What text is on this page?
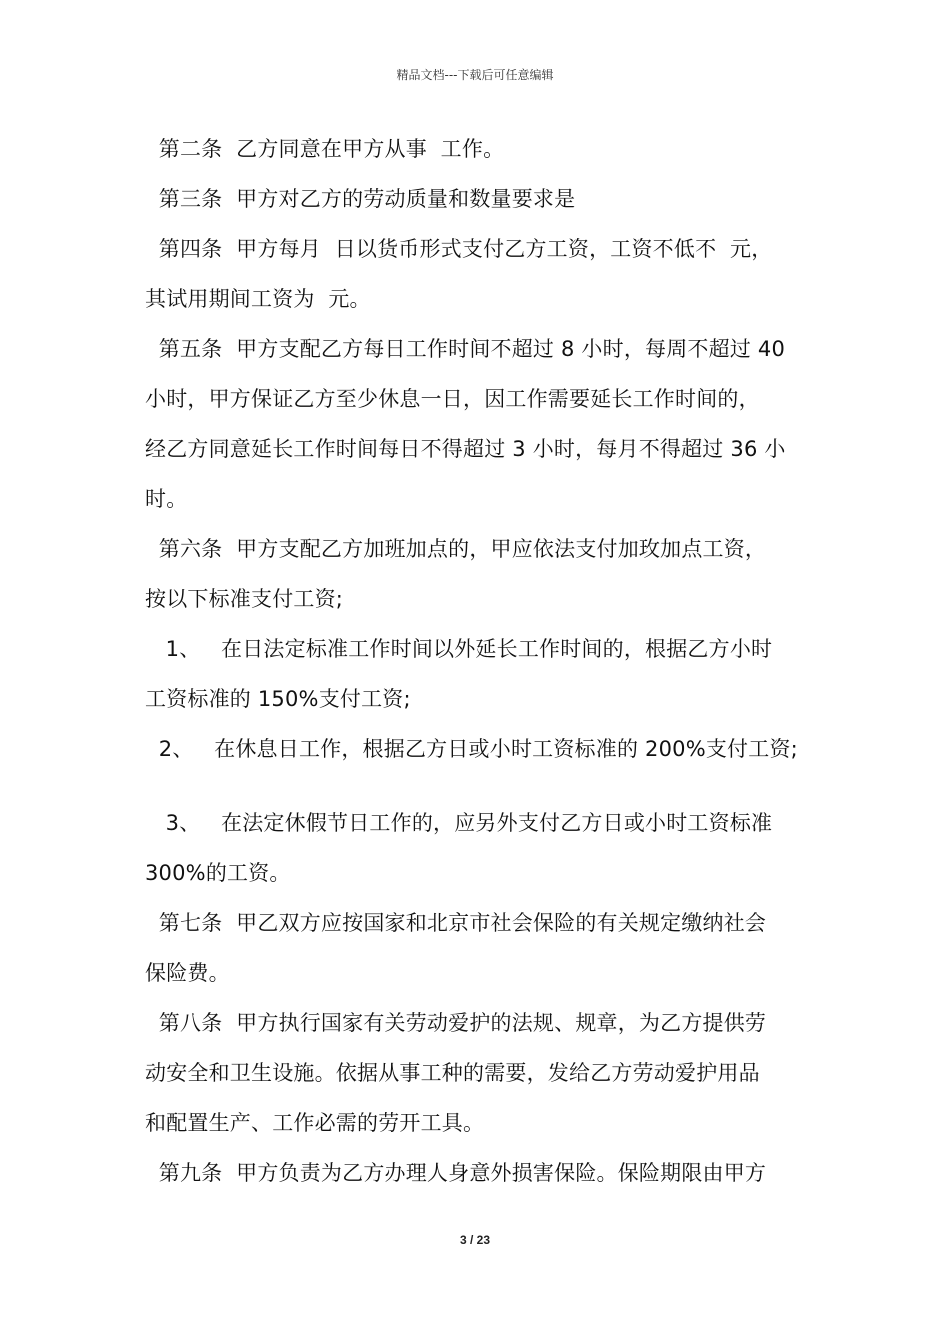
精品文档---下载后可任意编辑

第二条  乙方同意在甲方从事  工作。

第三条  甲方对乙方的劳动质量和数量要求是

第四条  甲方每月  日以货币形式支付乙方工资，工资不低不  元，

其试用期间工资为  元。

第五条  甲方支配乙方每日工作时间不超过 8 小时，每周不超过 40

小时，甲方保证乙方至少休息一日，因工作需要延长工作时间的，

经乙方同意延长工作时间每日不得超过 3 小时，每月不得超过 36 小

时。

第六条  甲方支配乙方加班加点的，甲应依法支付加玫加点工资，

按以下标准支付工资;

1、   在日法定标准工作时间以外延长工作时间的，根据乙方小时

工资标准的 150%支付工资;

2、   在休息日工作，根据乙方日或小时工资标准的 200%支付工资;

3、   在法定休假节日工作的，应另外支付乙方日或小时工资标准

300%的工资。

第七条  甲乙双方应按国家和北京市社会保险的有关规定缴纳社会

保险费。

第八条  甲方执行国家有关劳动爱护的法规、规章，为乙方提供劳

动安全和卫生设施。依据从事工种的需要，发给乙方劳动爱护用品

和配置生产、工作必需的劳开工具。

第九条  甲方负责为乙方办理人身意外损害保险。保险期限由甲方

3 / 23
